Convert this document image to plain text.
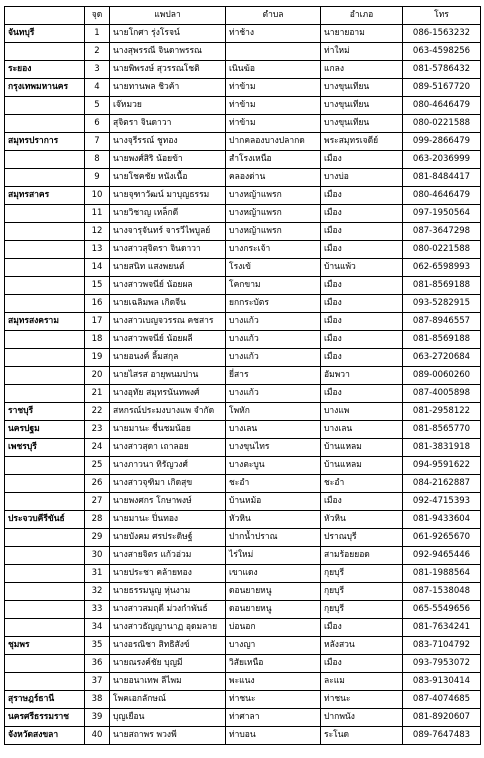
	จุด	แพปลา	ตำบล	อำเภอ	โทร
จันทบุรี	1	นายโกศา รุ่งโรจน์	ท่าช้าง	นายายอาม	086-1563232
	2	นางสุพรรณี จินดาพรรณ		ท่าใหม่	063-4598256
ระยอง	3	นายพิพรงษ์ สุวรรณโชติ	เนินฆ้อ	แกลง	081-5786432
กรุงเทพมหานคร	4	นายทานพล ชิวค้า	ท่าข้าม	บางขุนเทียน	089-5167720
	5	เจ๊หมวย	ท่าข้าม	บางขุนเทียน	080-4646479
	6	สุจิตรา จินดาวา	ท่าข้าม	บางขุนเทียน	080-0221588
สมุทรปราการ	7	นางจุรีรรณ์ ชูทอง	ปากคลองบางปลากด	พระสมุทรเจดีย์	099-2866479
	8	นายพงศ์สิริ น้อยข้า	สำโรงเหนือ	เมือง	063-2036999
	9	นายโชคชัย หนังเนื้อ	คลองด่าน	บางบ่อ	081-8484417
สมุทรสาคร	10	นายจุฑาวัฒน์ มาบุญธรรม	บางหญ้าแพรก	เมือง	080-4646479
	11	นายวิชาญ เหล็กดี	บางหญ้าแพรก	เมือง	097-1950564
	12	นางจารุจันทร์ จารวีไพบูลย์	บางหญ้าแพรก	เมือง	087-3647298
	13	นางสาวสุจิตรา จินดาวา	บางกระเจ้า	เมือง	080-0221588
	14	นายสนิท แสงพยนต์	โรงเข้	บ้านแพ้ว	062-6598993
	15	นางสาวพจนีย์ น้อยผล	โคกขาม	เมือง	081-8569188
	16	นายเฉลิมพล เกิดจีน	ยกกระบัตร	เมือง	093-5282915
สมุทรสงคราม	17	นางสาวเบญจวรรณ คชสาร	บางแก้ว	เมือง	087-8946557
	18	นางสาวพจนีย์ น้อยผลี	บางแก้ว	เมือง	081-8569188
	19	นายอนงค์ ลิ้มสกุล	บางแก้ว	เมือง	063-2720684
	20	นายไสรส อายุพนมปาน	ยี่สาร	อัมพวา	089-0060260
	21	นางอุทัย สมุทรนันทพงศ์	บางแก้ว	เมือง	087-4005898
ราชบุรี	22	สหกรณ์ประมงบางแพ จำกัด	โพหัก	บางแพ	081-2958122
นครปฐม	23	นายมานะ ชื่นชมน้อย	บางเลน	บางเลน	081-8565770
เพชรบุรี	24	นางสาวสุดา เถาลอย	บางขุนไทร	บ้านแหลม	081-3831918
	25	นางภาวนา ทิรัญวงศ์	บางตะบูน	บ้านแหลม	094-9591622
	26	นางสาวจุฑิมา เกิดสุข	ชะอำ	ชะอำ	084-2162887
	27	นายพงศกร โกษาพงษ์	บ้านหม้อ	เมือง	092-4715393
ประจวบคีรีขันธ์	28	นายมานะ ปิ่นทอง	หัวหิน	หัวหิน	081-9433604
	29	นายบังคม ศรประดิษฐ์	ปากน้ำปราณ	ปราณบุรี	061-9265670
	30	นางสายจิตร แก้วอ่วม	ไร่ใหม่	สามร้อยยอด	092-9465446
	31	นายประชา คล้ายทอง	เขาแดง	กุยบุรี	081-1988564
	32	นายธรรมนูญ หุ่นงาม	ดอนยายหนู	กุยบุรี	087-1538048
	33	นางสาวสมฤดี ม่วงกำพันธ์	ดอนยายหนู	กุยบุรี	065-5549656
	34	นางสาวธัญญานาฏ อุดมลาย	บ่อนอก	เมือง	081-7634241
ชุมพร	35	นางอรณิชา สิทธิสังข์	บางญา	หลังสวน	083-7104792
	36	นายณรงค์ชัย บุญมี	วิสัยเหนือ	เมือง	093-7953072
	37	นายอนาเทพ ลีไพม	พะแนง	ละแม	083-9130414
สุราษฎร์ธานี	38	โพคเอกลักษณ์	ท่าชนะ	ท่าชนะ	087-4074685
นครศรีธรรมราช	39	บุญเยือน	ท่าศาลา	ปากพนัง	081-8920607
จังหวัดสงขลา	40	นายสถาพร พวงพี	ท่าบอน	ระโนด	089-7647483
